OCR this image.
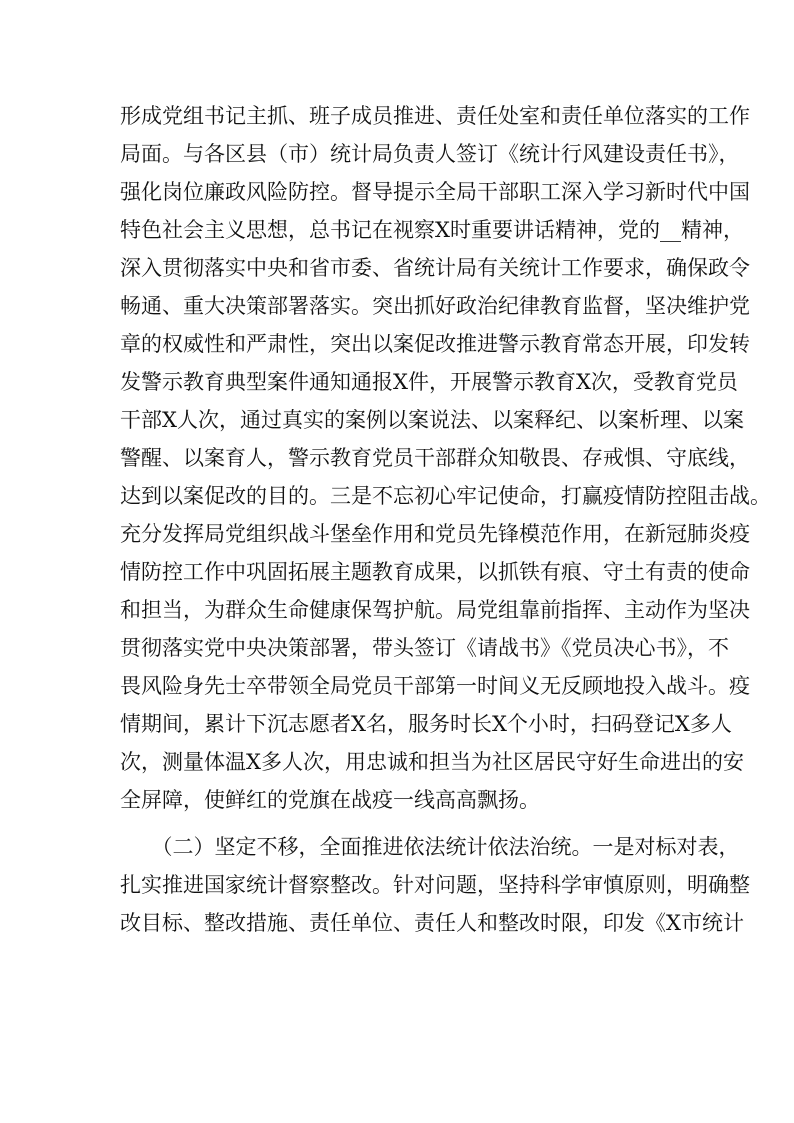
形成党组书记主抓、班子成员推进、责任处室和责任单位落实的工作
局面。与各区县（市）统计局负责人签订《统计行风建设责任书》，
强化岗位廉政风险防控。督导提示全局干部职工深入学习新时代中国
特色社会主义思想，总书记在视察X时重要讲话精神，党的__精神，
深入贯彻落实中央和省市委、省统计局有关统计工作要求，确保政令
畅通、重大决策部署落实。突出抓好政治纪律教育监督，坚决维护党
章的权威性和严肃性，突出以案促改推进警示教育常态开展，印发转
发警示教育典型案件通知通报X件，开展警示教育X次，受教育党员
干部X人次，通过真实的案例以案说法、以案释纪、以案析理、以案
警醒、以案育人，警示教育党员干部群众知敬畏、存戒惧、守底线，
达到以案促改的目的。三是不忘初心牢记使命，打赢疫情防控阻击战。
充分发挥局党组织战斗堡垒作用和党员先锋模范作用，在新冠肺炎疫
情防控工作中巩固拓展主题教育成果，以抓铁有痕、守土有责的使命
和担当，为群众生命健康保驾护航。局党组靠前指挥、主动作为坚决
贯彻落实党中央决策部署，带头签订《请战书》《党员决心书》，不
畏风险身先士卒带领全局党员干部第一时间义无反顾地投入战斗。疫
情期间，累计下沉志愿者X名，服务时长X个小时，扫码登记X多人
次，测量体温X多人次，用忠诚和担当为社区居民守好生命进出的安
全屏障，使鲜红的党旗在战疫一线高高飘扬。
　　（二）坚定不移，全面推进依法统计依法治统。一是对标对表，
扎实推进国家统计督察整改。针对问题，坚持科学审慎原则，明确整
改目标、整改措施、责任单位、责任人和整改时限，印发《X市统计
